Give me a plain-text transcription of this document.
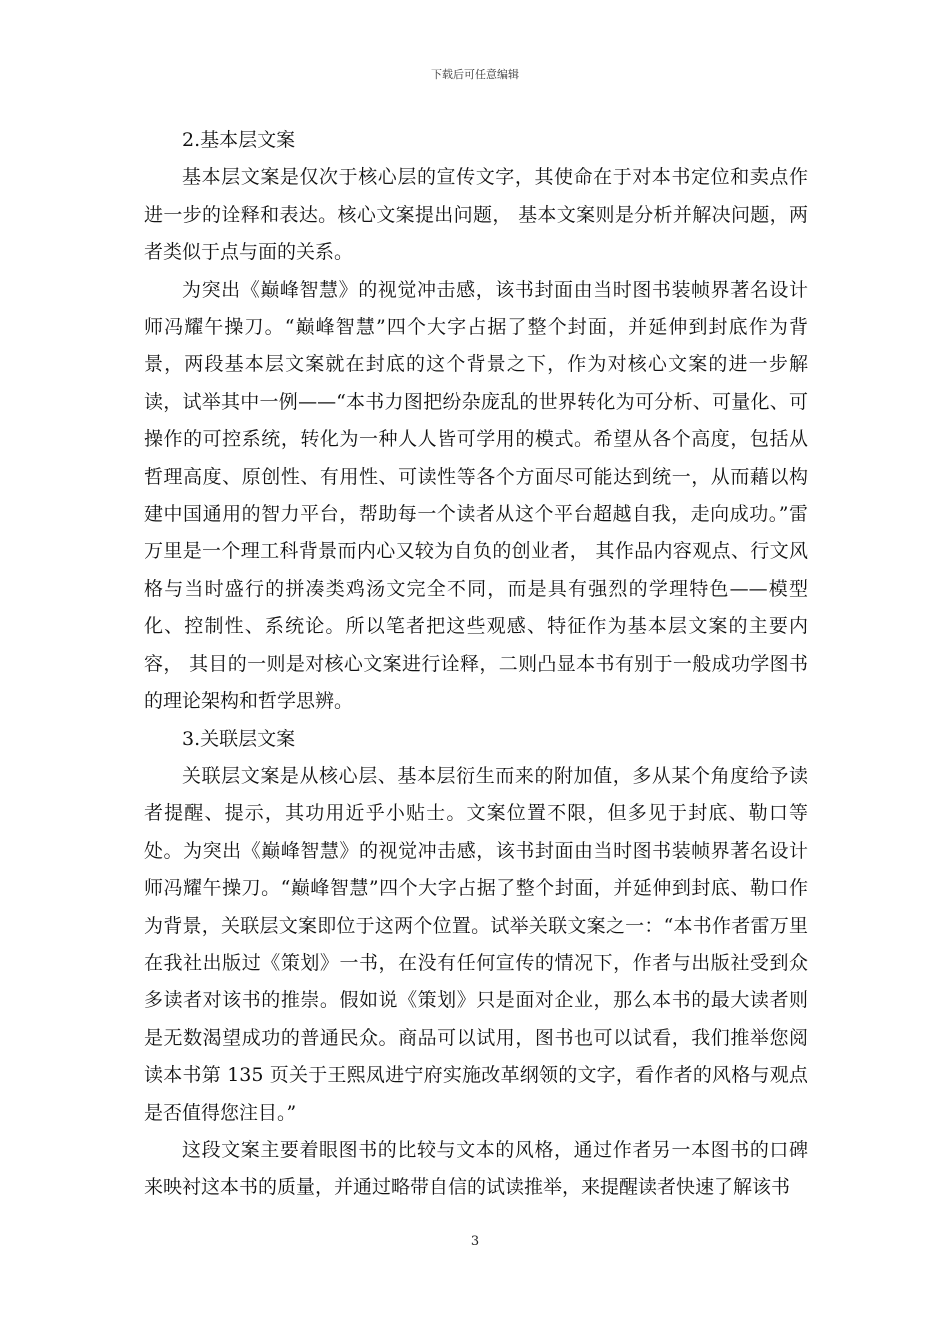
下载后可任意编辑
2.基本层文案

基本层文案是仅次于核心层的宣传文字，其使命在于对本书定位和卖点作进一步的诠释和表达。核心文案提出问题， 基本文案则是分析并解决问题，两者类似于点与面的关系。

为突出《巅峰智慧》的视觉冲击感，该书封面由当时图书装帧界著名设计师冯耀午操刀。“巅峰智慧”四个大字占据了整个封面，并延伸到封底作为背景，两段基本层文案就在封底的这个背景之下，作为对核心文案的进一步解读，试举其中一例——“本书力图把纷杂庞乱的世界转化为可分析、可量化、可操作的可控系统，转化为一种人人皆可学用的模式。希望从各个高度，包括从哲理高度、原创性、有用性、可读性等各个方面尽可能达到统一，从而藉以构建中国通用的智力平台，帮助每一个读者从这个平台超越自我，走向成功。”雷万里是一个理工科背景而内心又较为自负的创业者， 其作品内容观点、行文风格与当时盛行的拼凑类鸡汤文完全不同，而是具有强烈的学理特色——模型化、控制性、系统论。所以笔者把这些观感、特征作为基本层文案的主要内容， 其目的一则是对核心文案进行诠释，二则凸显本书有别于一般成功学图书的理论架构和哲学思辨。

3.关联层文案

关联层文案是从核心层、基本层衍生而来的附加值，多从某个角度给予读者提醒、提示，其功用近乎小贴士。文案位置不限，但多见于封底、勒口等处。为突出《巅峰智慧》的视觉冲击感，该书封面由当时图书装帧界著名设计师冯耀午操刀。“巅峰智慧”四个大字占据了整个封面，并延伸到封底、勒口作为背景，关联层文案即位于这两个位置。试举关联文案之一：“本书作者雷万里在我社出版过《策划》一书，在没有任何宣传的情况下，作者与出版社受到众多读者对该书的推崇。假如说《策划》只是面对企业，那么本书的最大读者则是无数渴望成功的普通民众。商品可以试用，图书也可以试看，我们推举您阅读本书第 135 页关于王熙凤进宁府实施改革纲领的文字，看作者的风格与观点是否值得您注目。”

这段文案主要着眼图书的比较与文本的风格，通过作者另一本图书的口碑来映衬这本书的质量，并通过略带自信的试读推举，来提醒读者快速了解该书

3
